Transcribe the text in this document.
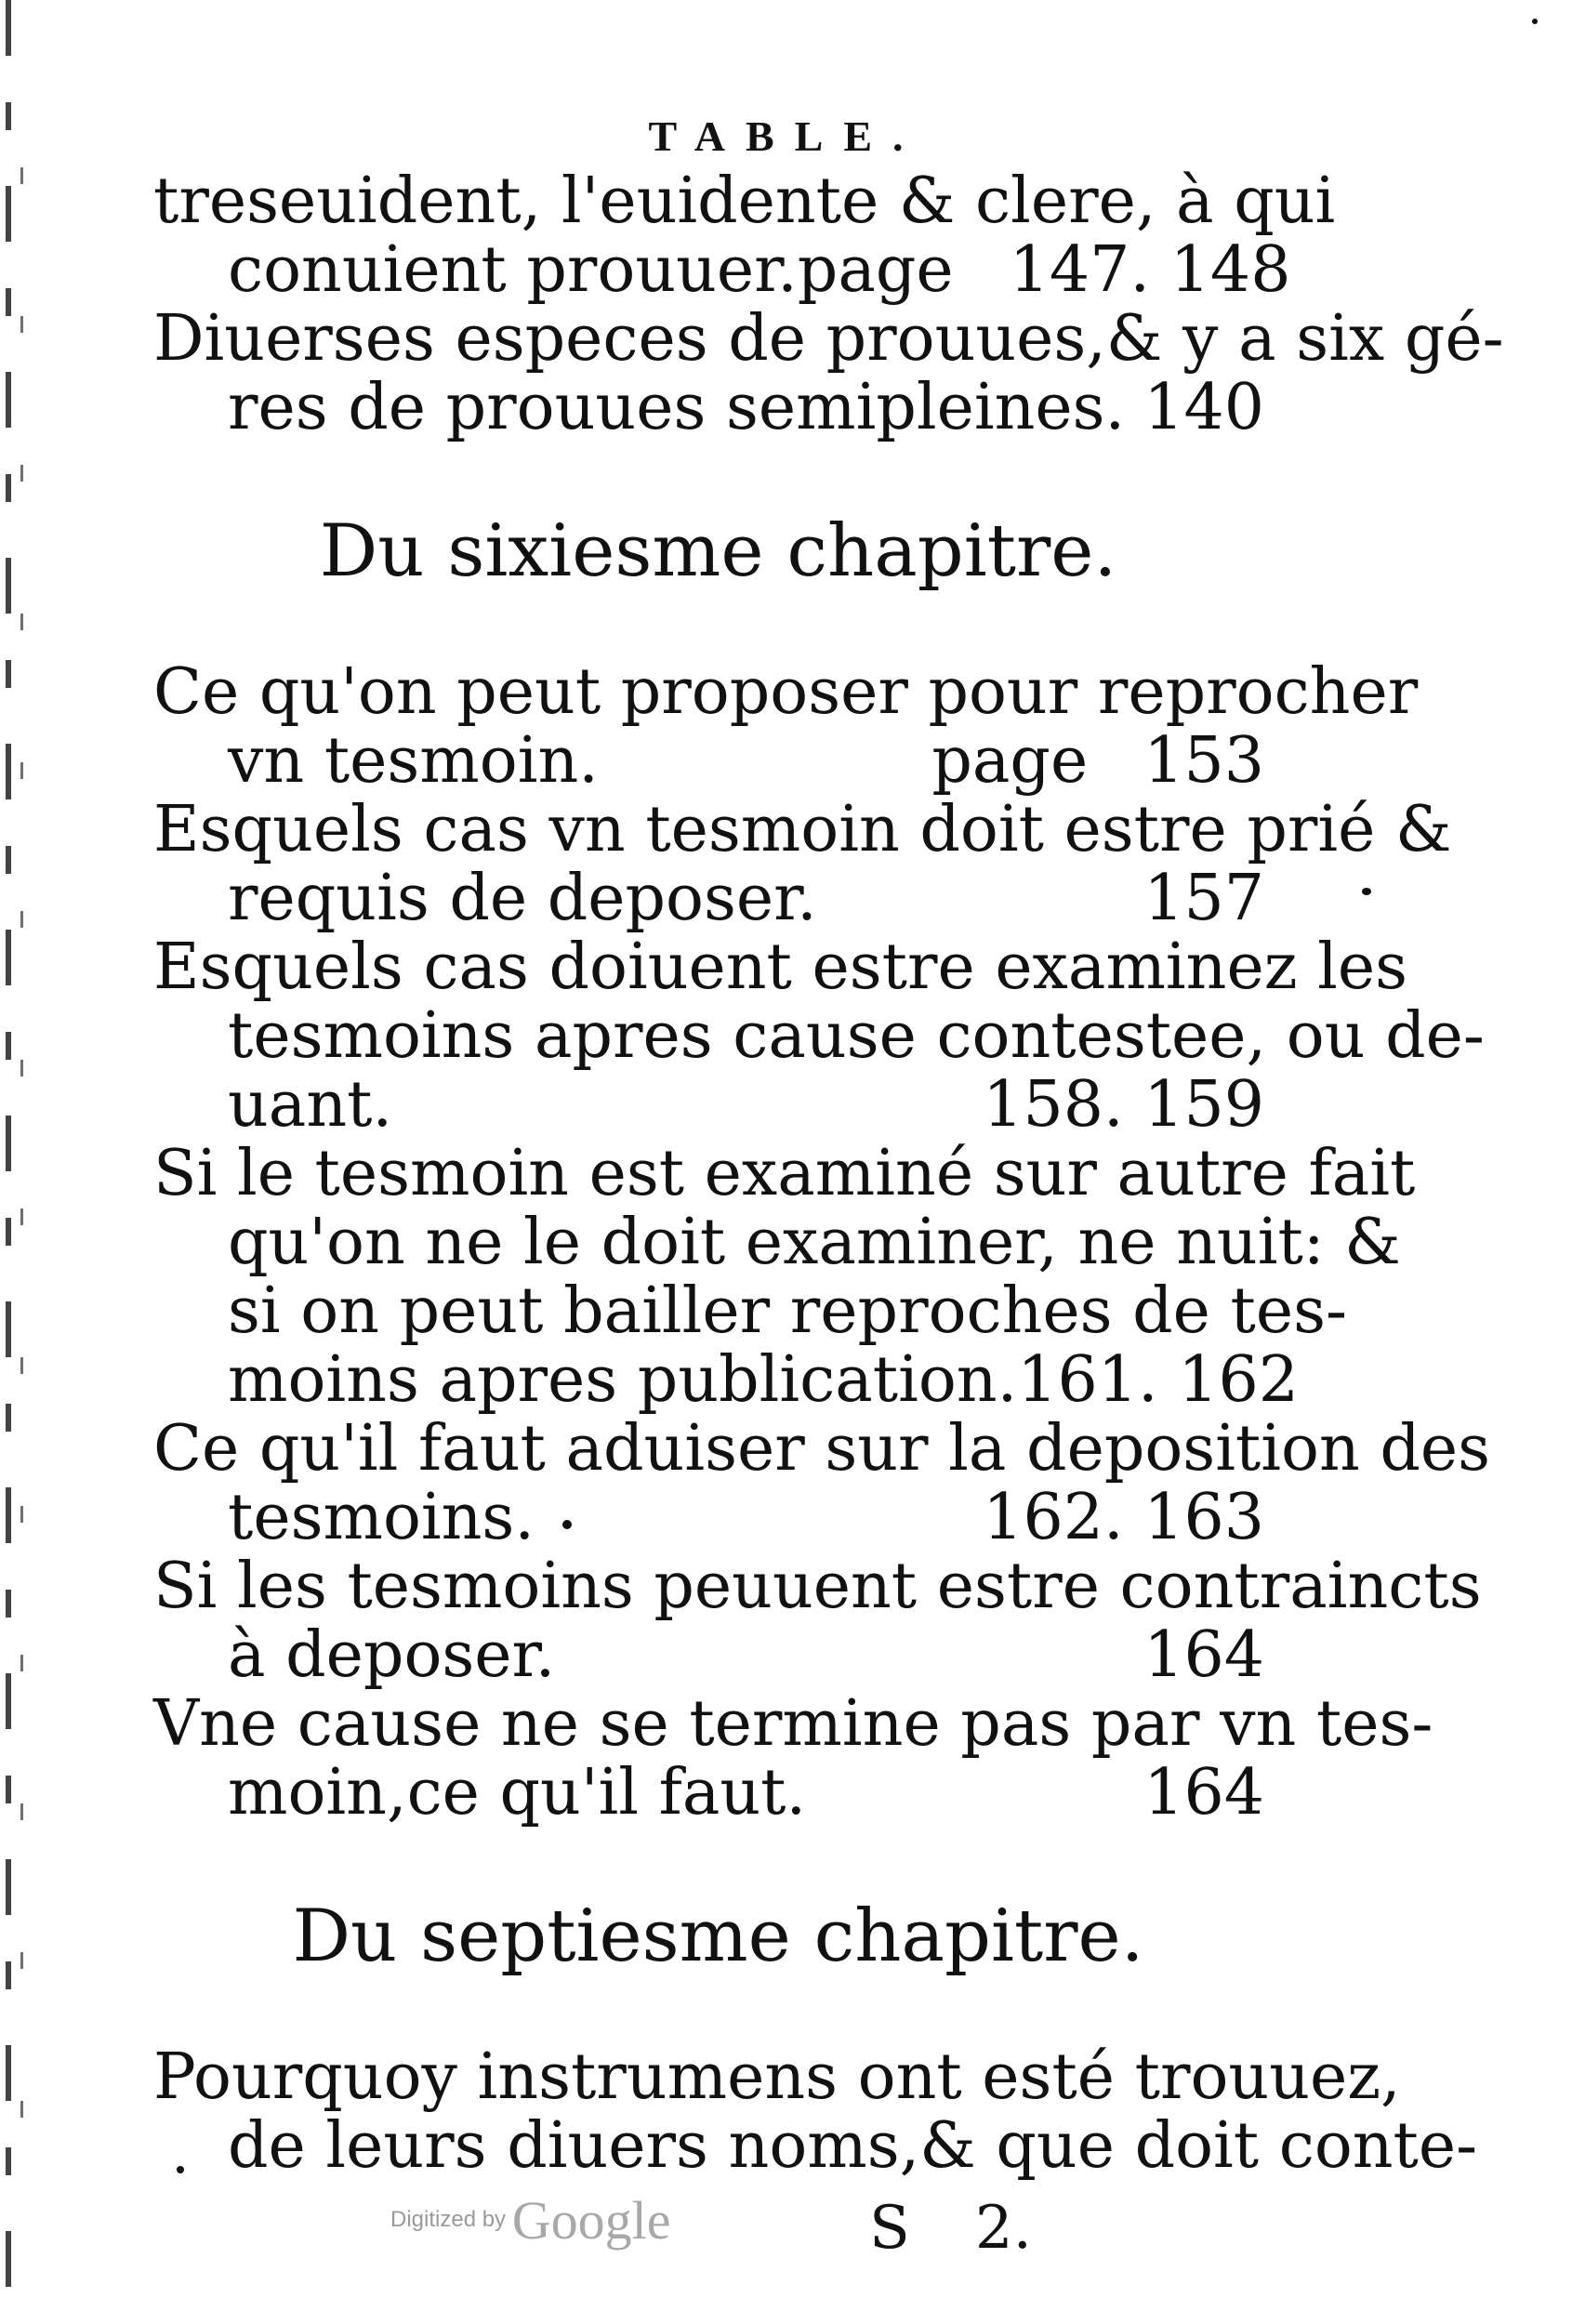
TABLE.
treseuident, l'euidente & clere, à qui
conuient prouuer. page 147. 148
Diuerses especes de prouues,& y a six gé-
res de prouues semipleines. 140
Du sixiesme chapitre.
Ce qu'on peut proposer pour reprocher
vn tesmoin.	page 153
Esquels cas vn tesmoin doit estre prié &
requis de deposer.	157
Esquels cas doiuent estre examinez les
tesmoins apres cause contestee, ou de-
uant.	158. 159
Si le tesmoin est examiné sur autre fait
qu'on ne le doit examiner, ne nuit: &
si on peut bailler reproches de tes-
moins apres publication. 161. 162
Ce qu'il faut aduiser sur la deposition des
tesmoins.	162. 163
Si les tesmoins peuuent estre contraincts
à deposer.	164
Vne cause ne se termine pas par vn tes-
moin,ce qu'il faut.	164
Du septiesme chapitre.
Pourquoy instrumens ont esté trouuez,
de leurs diuers noms,& que doit conte-
Digitized by Google	S 2.
